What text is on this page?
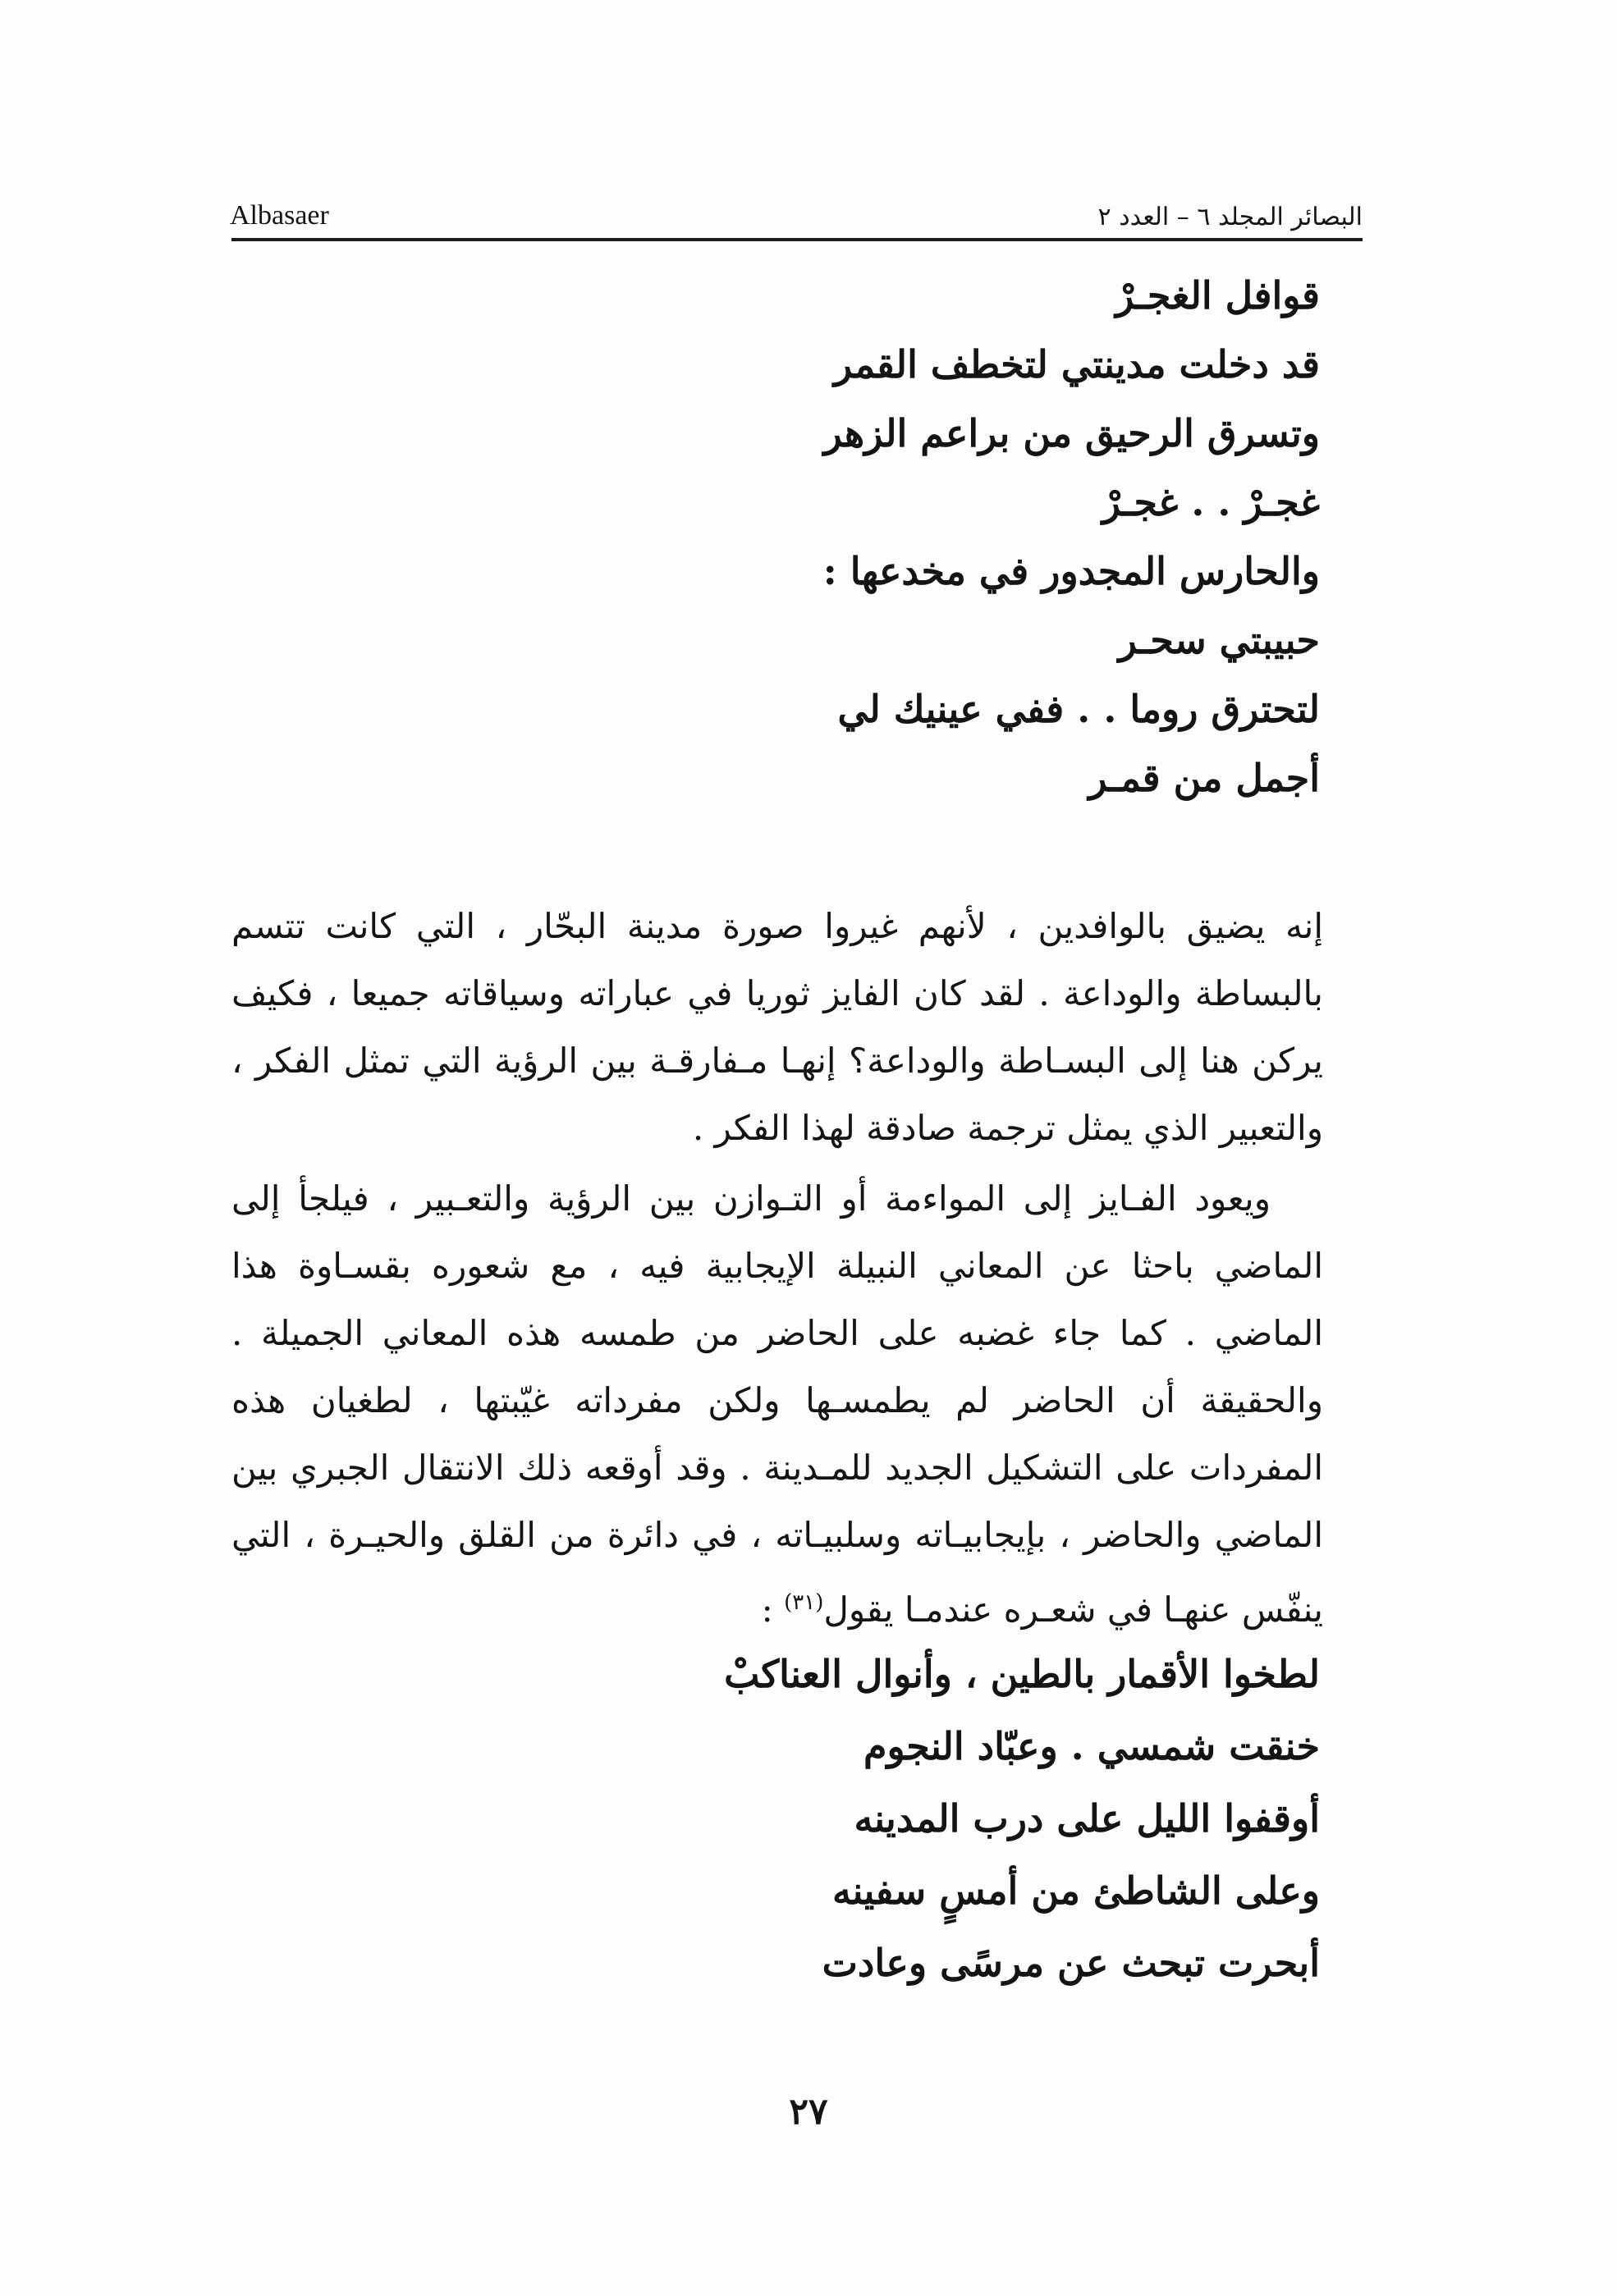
Albasaer	البصائر المجلد ٦ – العدد ٢
قوافل الغجـرْ
قد دخلت مدينتي لتخطف القمر
وتسرق الرحيق من براعم الزهر
غجـرْ . . غجـرْ
والحارس المجدور في مخدعها :
حبيبتي سحـر
لتحترق روما . . ففي عينيك لي
أجمل من قمـر

إنه يضيق بالوافدين ، لأنهم غيروا صورة مدينة البحّار ، التي كانت تتسم بالبساطة والوداعة . لقد كان الفايز ثوريا في عباراته وسياقاته جميعا ، فكيف يركن هنا إلى البسـاطة والوداعة؟ إنهـا مـفارقـة بين الرؤية التي تمثل الفكر ، والتعبير الذي يمثل ترجمة صادقة لهذا الفكر .

ويعود الفـايز إلى المواءمة أو التـوازن بين الرؤية والتعـبير ، فيلجأ إلى الماضي باحثا عن المعاني النبيلة الإيجابية فيه ، مع شعوره بقسـاوة هذا الماضي . كما جاء غضبه على الحاضر من طمسه هذه المعاني الجميلة . والحقيقة أن الحاضر لم يطمسـها ولكن مفرداته غيّبتها ، لطغيان هذه المفردات على التشكيل الجديد للمـدينة . وقد أوقعه ذلك الانتقال الجبري بين الماضي والحاضر ، بإيجابيـاته وسلبيـاته ، في دائرة من القلق والحيـرة ، التي ينفّس عنهـا في شعـره عندمـا يقول$^{(٣١)}$ :

لطخوا الأقمار بالطين ، وأنوال العناكبْ
خنقت شمسي . وعبّاد النجوم
أوقفوا الليل على درب المدينه
وعلى الشاطئ من أمسٍ سفينه
أبحرت تبحث عن مرسًى وعادت
٢٧
